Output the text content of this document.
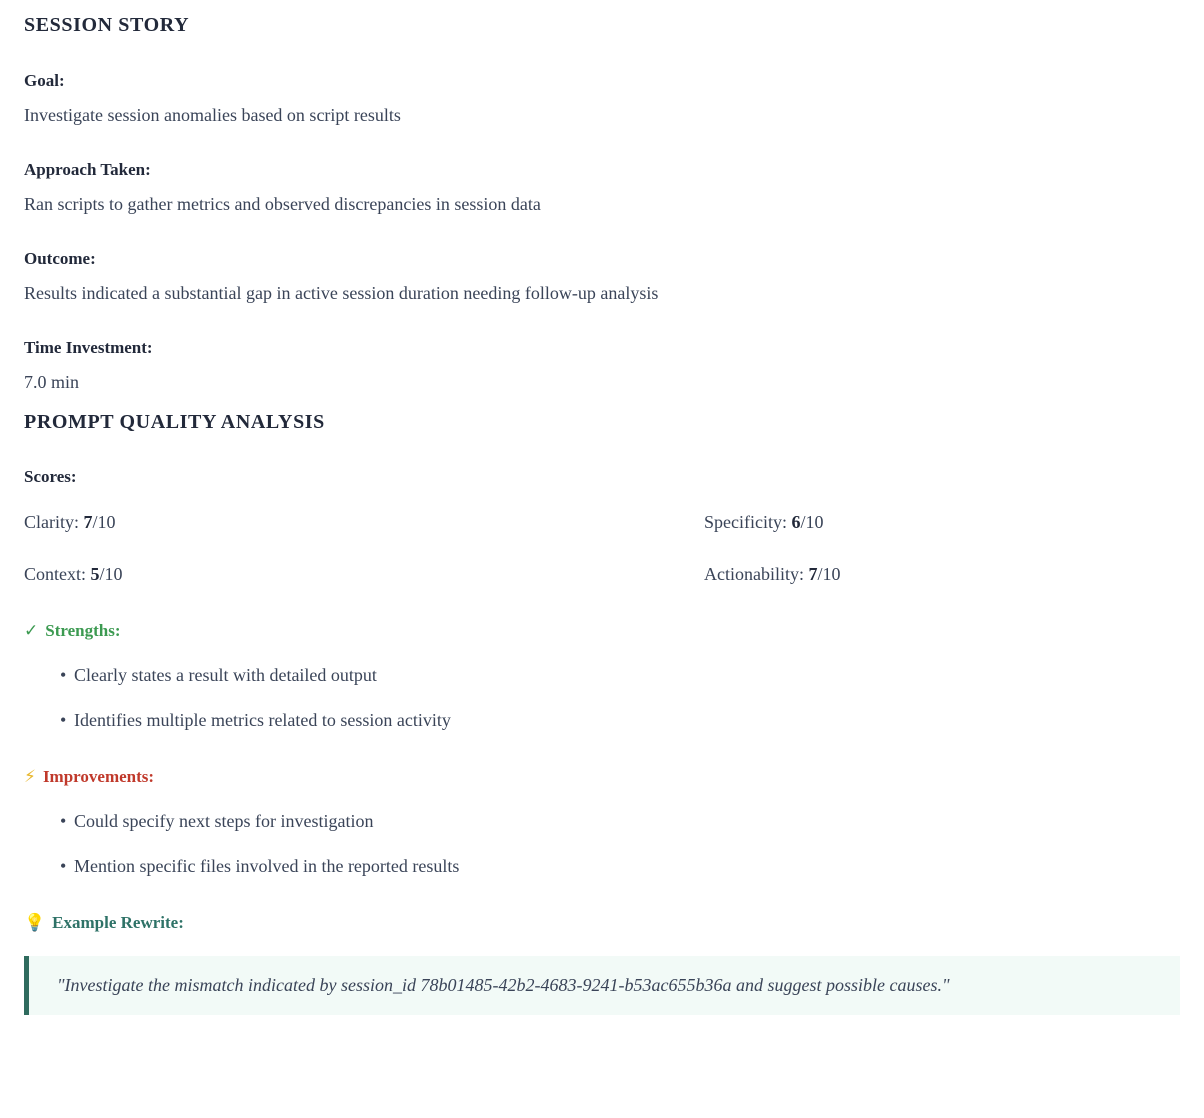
SESSION STORY
Goal:
Investigate session anomalies based on script results
Approach Taken:
Ran scripts to gather metrics and observed discrepancies in session data
Outcome:
Results indicated a substantial gap in active session duration needing follow-up analysis
Time Investment:
7.0 min
PROMPT QUALITY ANALYSIS
Scores:
Clarity: 7/10	Specificity: 6/10
Context: 5/10	Actionability: 7/10
✓ Strengths:
• Clearly states a result with detailed output
• Identifies multiple metrics related to session activity
⚡ Improvements:
• Could specify next steps for investigation
• Mention specific files involved in the reported results
💡 Example Rewrite:
"Investigate the mismatch indicated by session_id 78b01485-42b2-4683-9241-b53ac655b36a and suggest possible causes."
